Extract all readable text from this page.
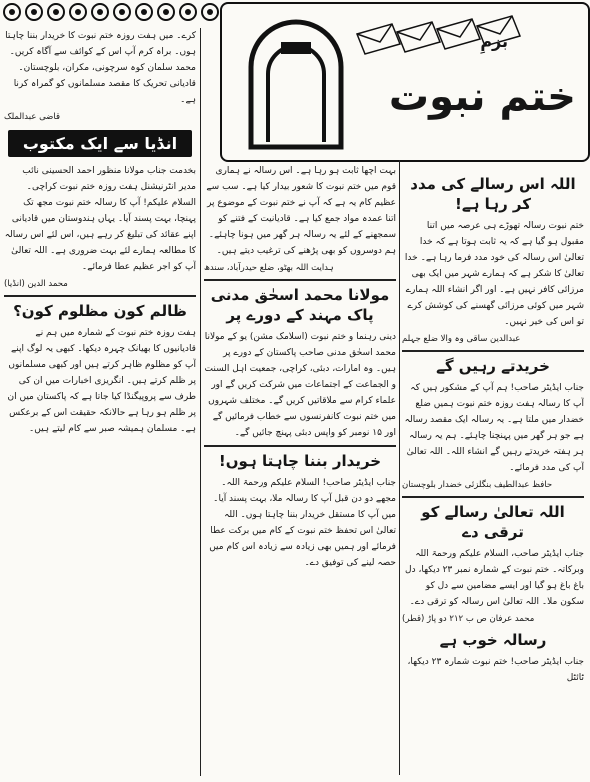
بزمِ
ختم نبوت
اللہ اس رسالے کی مدد کر رہا ہے!

ختم نبوت رسالہ تھوڑے ہی عرصہ میں اتنا مقبول ہو گیا ہے کہ یہ ثابت ہوتا ہے کہ خدا تعالیٰ اس رسالہ کی خود مدد فرما رہا ہے۔ خدا تعالیٰ کا شکر ہے کہ ہمارے شہر میں ایک بھی مرزائی کافر نہیں ہے۔ اور اگر انشاء اللہ ہمارے شہر میں کوئی مرزائی گھسنے کی کوشش کرے تو اس کی خیر نہیں۔

عبدالدین ساقی وہ والا ضلع جہلم

خریدتے رہیں گے

جناب ایڈیٹر صاحب! ہم آپ کے مشکور ہیں کہ آپ کا رسالہ ہفت روزہ ختم نبوت ہمیں ضلع خضدار میں ملتا ہے۔ یہ رسالہ ایک مقصد رسالہ ہے جو ہر گھر میں پہنچنا چاہئے۔ ہم یہ رسالہ ہر ہفتہ خریدتے رہیں گے انشاء اللہ۔ اللہ تعالیٰ آپ کی مدد فرمائے۔

حافظ عبدالطیف بنگلزئی خضدار بلوچستان

اللہ تعالیٰ رسالے کو ترقی دے

جناب ایڈیٹر صاحب، السلام علیکم ورحمۃ اللہ وبرکاتہ۔ ختم نبوت کے شمارہ نمبر ۲۳ دیکھا، دل باغ باغ ہو گیا اور ایسے مضامین سے دل کو سکون ملا۔ اللہ تعالیٰ اس رسالہ کو ترقی دے۔

محمد عرفان ص ب ۲۱۲ دو پاڑ (قطر)

رسالہ خوب ہے

جناب ایڈیٹر صاحب! ختم نبوت شمارہ ۲۳ دیکھا، ٹائٹل

بہت اچھا ثابت ہو رہا ہے۔ اس رسالہ نے ہماری قوم میں ختم نبوت کا شعور بیدار کیا ہے۔ سب سے عظیم کام یہ ہے کہ آپ نے ختم نبوت کے موضوع پر اتنا عمدہ مواد جمع کیا ہے۔ قادیانیت کے فتنے کو سمجھنے کے لئے یہ رسالہ ہر گھر میں ہونا چاہئے۔ ہم دوسروں کو بھی پڑھنے کی ترغیب دیتے ہیں۔

ہدایت اللہ بھٹو، ضلع حیدرآباد، سندھ

مولانا محمد اسحٰق مدنی پاک مہند کے دورے پر

دینی رہنما و ختم نبوت (اسلامک مشن) یو کے مولانا محمد اسحٰق مدنی صاحب پاکستان کے دورے پر ہیں۔ وہ امارات، دبئی، کراچی، جمعیت اہل السنت و الجماعت کے اجتماعات میں شرکت کریں گے اور علماء کرام سے ملاقاتیں کریں گے۔ مختلف شہروں میں ختم نبوت کانفرنسوں سے خطاب فرمائیں گے اور ۱۵ نومبر کو واپس دبئی پہنچ جائیں گے۔

خریدار بننا چاہتا ہوں!

جناب ایڈیٹر صاحب! السلام علیکم ورحمۃ اللہ۔ مجھے دو دن قبل آپ کا رسالہ ملا، بہت پسند آیا۔ میں آپ کا مستقل خریدار بننا چاہتا ہوں۔ اللہ تعالیٰ اس تحفظ ختم نبوت کے کام میں برکت عطا فرمائے اور ہمیں بھی زیادہ سے زیادہ اس کام میں حصہ لینے کی توفیق دے۔

کرے۔ میں ہفت روزہ ختم نبوت کا خریدار بننا چاہتا ہوں۔ براہ کرم آپ اس کے کوائف سے آگاہ کریں۔ محمد سلمان کوہ سرچونی، مکران، بلوچستان۔ قادیانی تحریک کا مقصد مسلمانوں کو گمراہ کرنا ہے۔

قاضی عبدالملک

انڈیا سے ایک مکتوب

بخدمت جناب مولانا منظور احمد الحسینی نائب مدیر انٹرنیشنل ہفت روزہ ختم نبوت کراچی۔ السلام علیکم! آپ کا رسالہ ختم نبوت مجھ تک پہنچا، بہت پسند آیا۔ یہاں ہندوستان میں قادیانی اپنے عقائد کی تبلیغ کر رہے ہیں، اس لئے اس رسالہ کا مطالعہ ہمارے لئے بہت ضروری ہے۔ اللہ تعالیٰ آپ کو اجر عظیم عطا فرمائے۔

محمد الدین (انڈیا)

ظالم کون مظلوم کون؟

ہفت روزہ ختم نبوت کے شمارہ میں ہم نے قادیانیوں کا بھیانک چہرہ دیکھا۔ کبھی یہ لوگ اپنے آپ کو مظلوم ظاہر کرتے ہیں اور کبھی مسلمانوں پر ظلم کرتے ہیں۔ انگریزی اخبارات میں ان کی طرف سے پروپیگنڈا کیا جاتا ہے کہ پاکستان میں ان پر ظلم ہو رہا ہے حالانکہ حقیقت اس کے برعکس ہے۔ مسلمان ہمیشہ صبر سے کام لیتے ہیں۔
